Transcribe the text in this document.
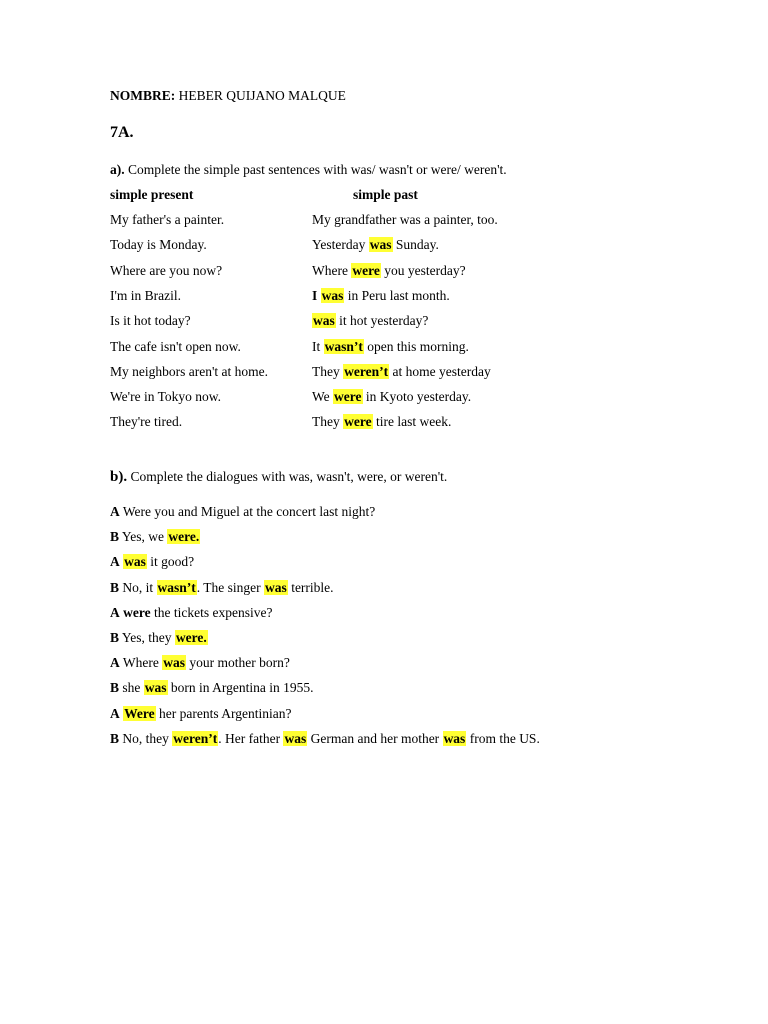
NOMBRE: HEBER QUIJANO MALQUE
7A.
a). Complete the simple past sentences with was/ wasn't or were/ weren't.
simple present	simple past
My father's a painter.	My grandfather was a painter, too.
Today is Monday.	Yesterday was Sunday.
Where are you now?	Where were you yesterday?
I'm in Brazil.	I was in Peru last month.
Is it hot today?	was it hot yesterday?
The cafe isn't open now.	It wasn’t open this morning.
My neighbors aren't at home.	They weren’t at home yesterday
We're in Tokyo now.	We were in Kyoto yesterday.
They're tired.	They were tire last week.
b). Complete the dialogues with was, wasn't, were, or weren't.
A Were you and Miguel at the concert last night?
B Yes, we were.
A was it good?
B No, it wasn’t. The singer was terrible.
A were the tickets expensive?
B Yes, they were.
A Where was your mother born?
B she was born in Argentina in 1955.
A Were her parents Argentinian?
B No, they weren’t. Her father was German and her mother was from the US.
